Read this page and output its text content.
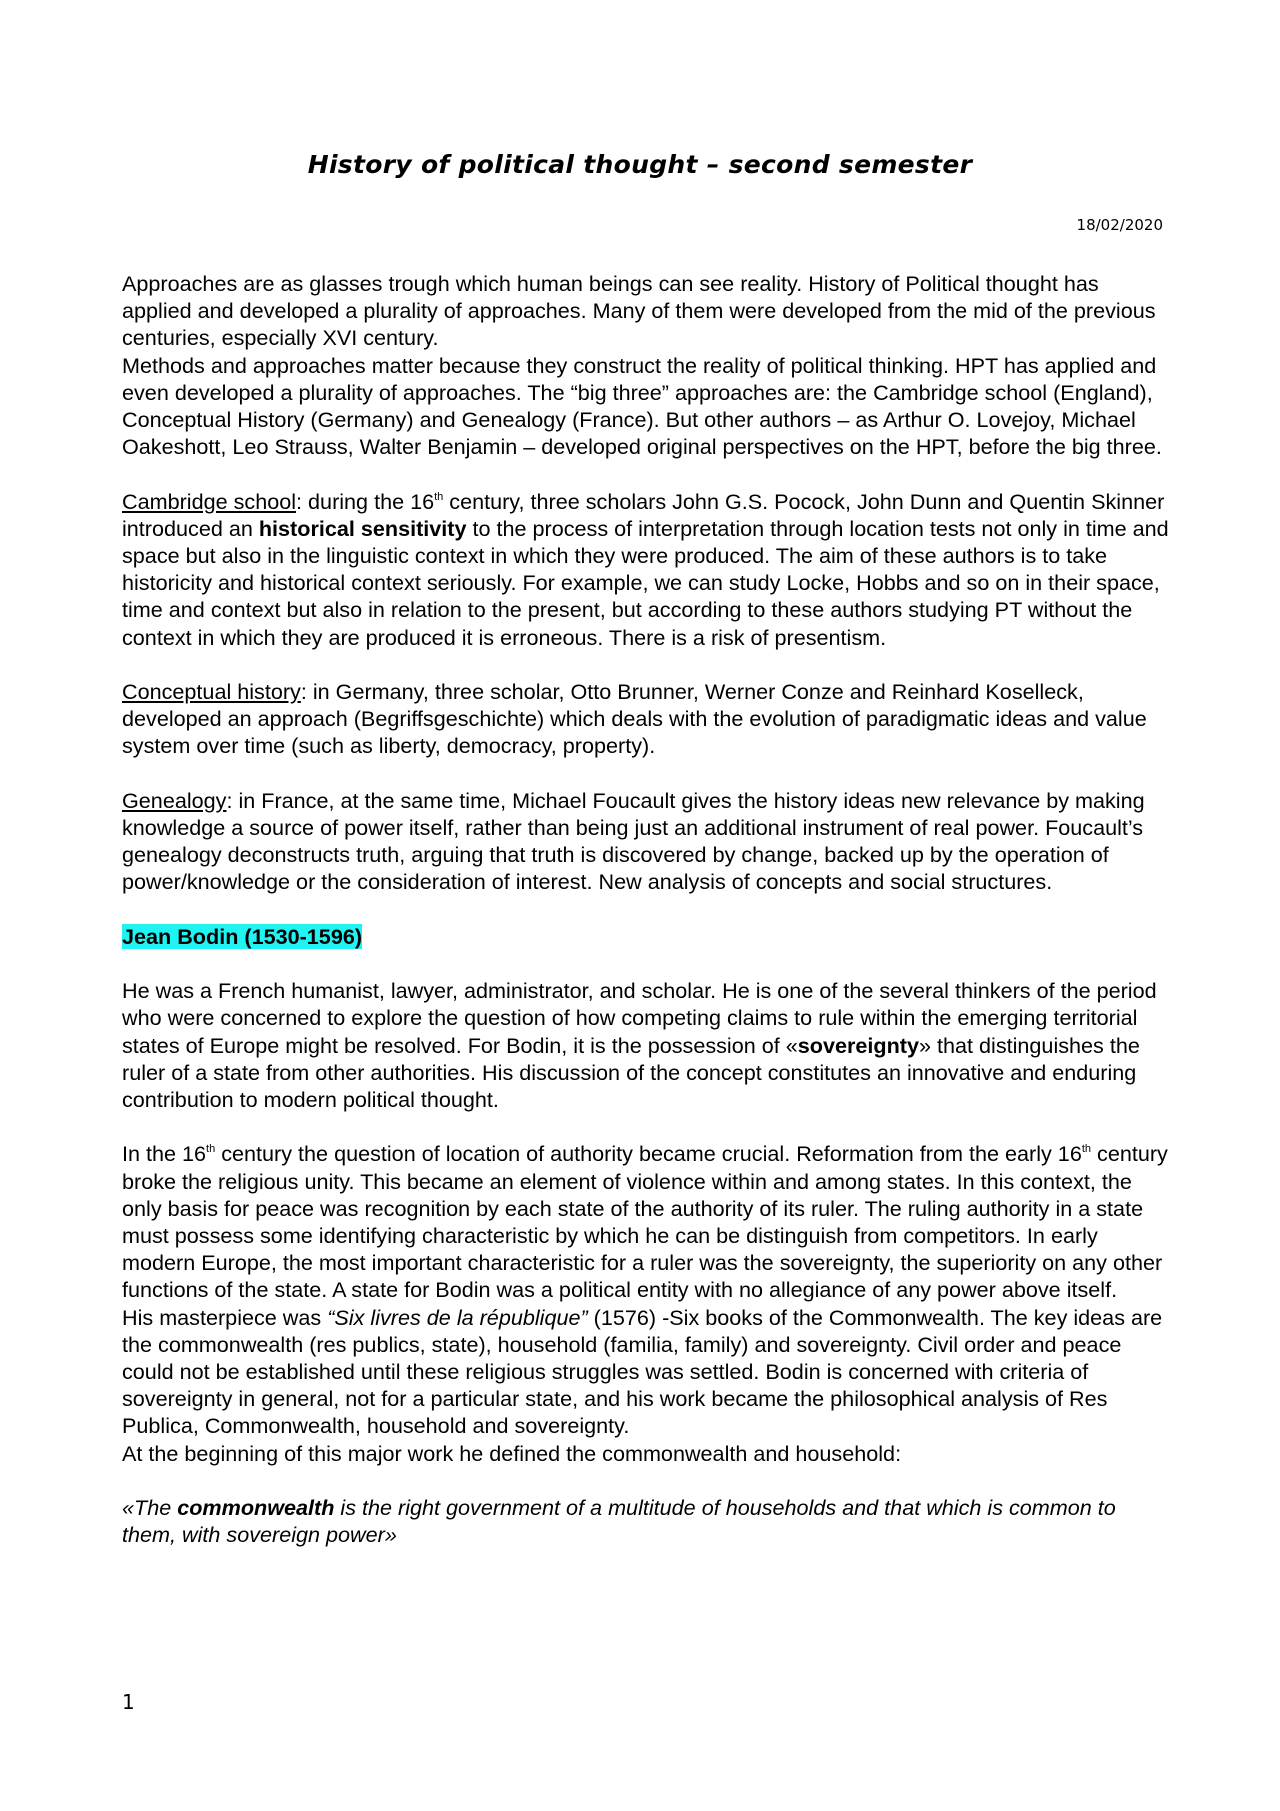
History of political thought – second semester
18/02/2020

Approaches are as glasses trough which human beings can see reality. History of Political thought has applied and developed a plurality of approaches. Many of them were developed from the mid of the previous centuries, especially XVI century.

Methods and approaches matter because they construct the reality of political thinking. HPT has applied and even developed a plurality of approaches. The “big three” approaches are: the Cambridge school (England), Conceptual History (Germany) and Genealogy (France). But other authors – as Arthur O. Lovejoy, Michael Oakeshott, Leo Strauss, Walter Benjamin – developed original perspectives on the HPT, before the big three.

Cambridge school: during the 16th century, three scholars John G.S. Pocock, John Dunn and Quentin Skinner introduced an historical sensitivity to the process of interpretation through location tests not only in time and space but also in the linguistic context in which they were produced. The aim of these authors is to take historicity and historical context seriously. For example, we can study Locke, Hobbs and so on in their space, time and context but also in relation to the present, but according to these authors studying PT without the context in which they are produced it is erroneous. There is a risk of presentism.

Conceptual history: in Germany, three scholar, Otto Brunner, Werner Conze and Reinhard Koselleck, developed an approach (Begriffsgeschichte) which deals with the evolution of paradigmatic ideas and value system over time (such as liberty, democracy, property).

Genealogy: in France, at the same time, Michael Foucault gives the history ideas new relevance by making knowledge a source of power itself, rather than being just an additional instrument of real power. Foucault’s genealogy deconstructs truth, arguing that truth is discovered by change, backed up by the operation of power/knowledge or the consideration of interest. New analysis of concepts and social structures.

Jean Bodin (1530-1596)

He was a French humanist, lawyer, administrator, and scholar. He is one of the several thinkers of the period who were concerned to explore the question of how competing claims to rule within the emerging territorial states of Europe might be resolved. For Bodin, it is the possession of «sovereignty» that distinguishes the ruler of a state from other authorities. His discussion of the concept constitutes an innovative and enduring contribution to modern political thought.

In the 16th century the question of location of authority became crucial. Reformation from the early 16th century broke the religious unity. This became an element of violence within and among states. In this context, the only basis for peace was recognition by each state of the authority of its ruler. The ruling authority in a state must possess some identifying characteristic by which he can be distinguish from competitors. In early modern Europe, the most important characteristic for a ruler was the sovereignty, the superiority on any other functions of the state. A state for Bodin was a political entity with no allegiance of any power above itself.

His masterpiece was “Six livres de la république” (1576) -Six books of the Commonwealth. The key ideas are the commonwealth (res publics, state), household (familia, family) and sovereignty. Civil order and peace could not be established until these religious struggles was settled. Bodin is concerned with criteria of sovereignty in general, not for a particular state, and his work became the philosophical analysis of Res Publica, Commonwealth, household and sovereignty.

At the beginning of this major work he defined the commonwealth and household:

«The commonwealth is the right government of a multitude of households and that which is common to them, with sovereign power»

1
